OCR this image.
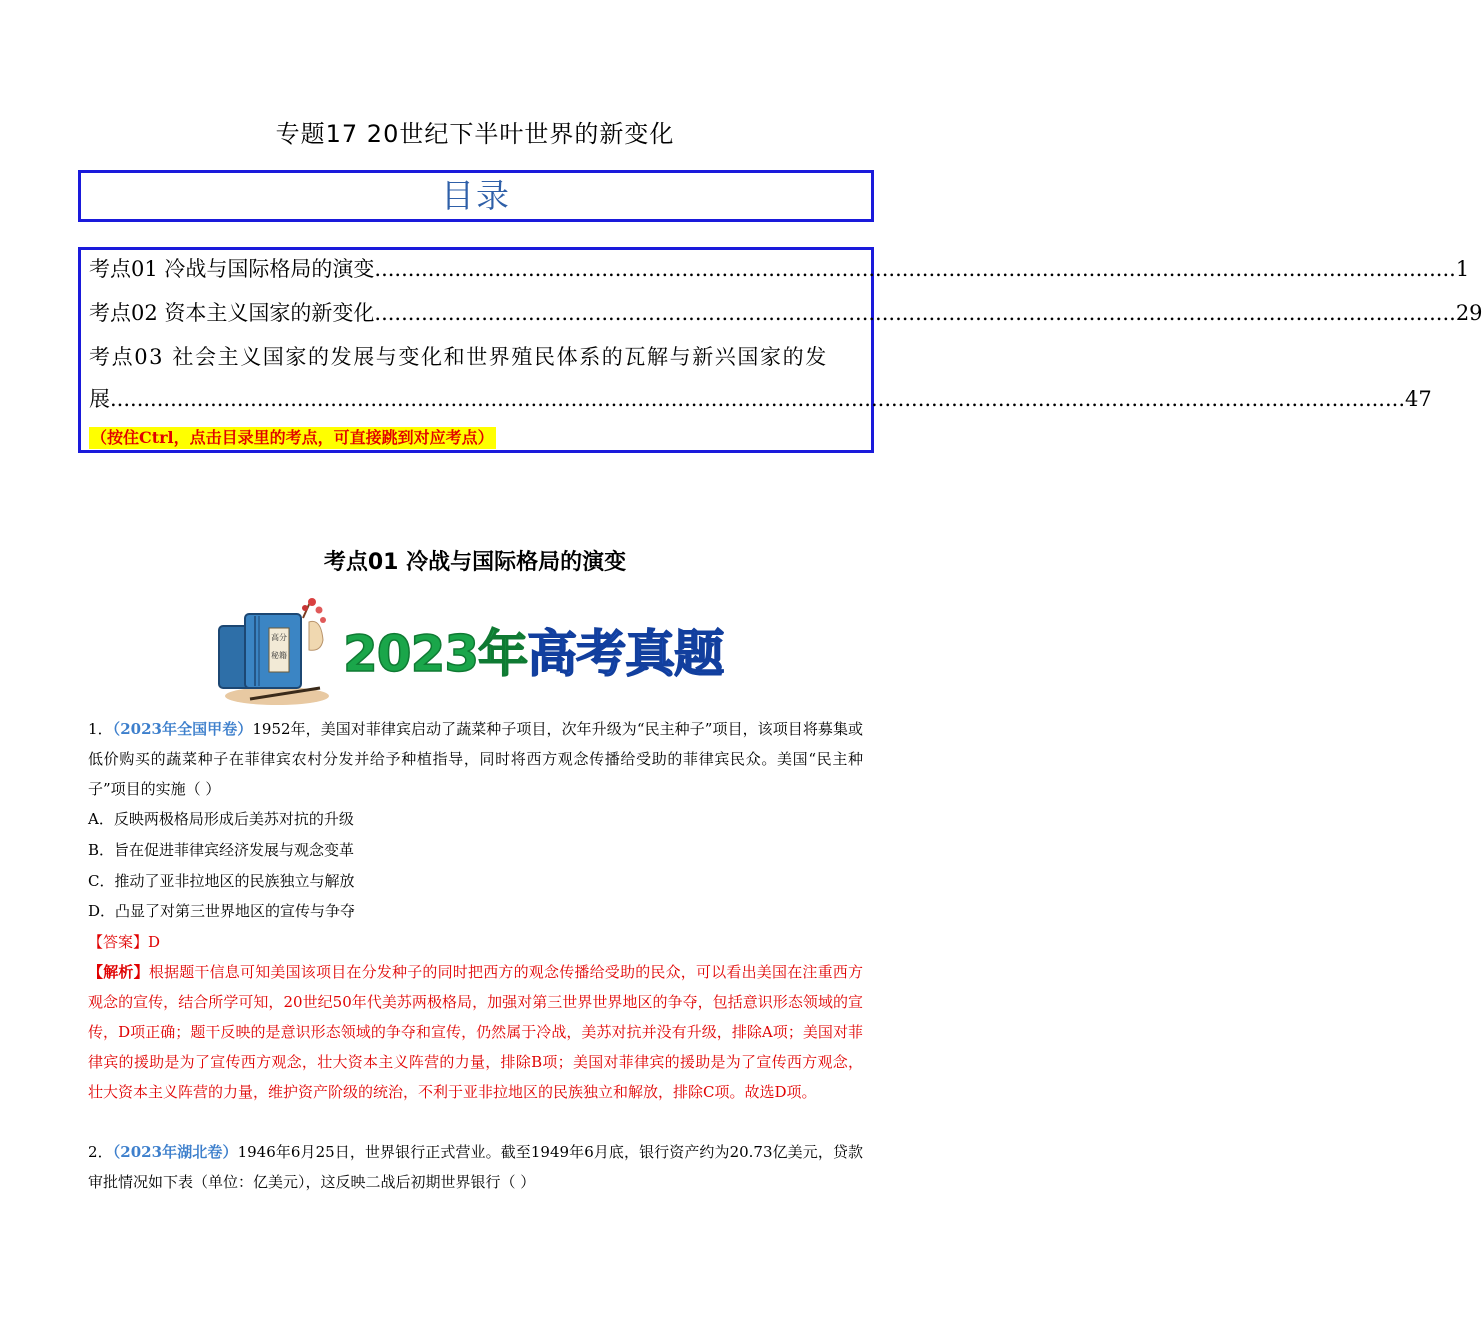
专题17 20世纪下半叶世界的新变化
目录
考点01 冷战与国际格局的演变 .................................................................................................................................................................. 1
考点02 资本主义国家的新变化 .................................................................................................................................................................. 29
考点03 社会主义国家的发展与变化和世界殖民体系的瓦解与新兴国家的发
展 .................................................................................................................................................................................................. 47
（按住Ctrl，点击目录里的考点，可直接跳到对应考点）
考点01 冷战与国际格局的演变
高分
秘籍 2023年高考真题
1．（2023年全国甲卷）1952年，美国对菲律宾启动了蔬菜种子项目，次年升级为“民主种子”项目，该项目将募集或低价购买的蔬菜种子在菲律宾农村分发并给予种植指导，同时将西方观念传播给受助的菲律宾民众。美国“民主种子”项目的实施（ ）
A．反映两极格局形成后美苏对抗的升级
B．旨在促进菲律宾经济发展与观念变革
C．推动了亚非拉地区的民族独立与解放
D．凸显了对第三世界地区的宣传与争夺
【答案】D
【解析】根据题干信息可知美国该项目在分发种子的同时把西方的观念传播给受助的民众，可以看出美国在注重西方观念的宣传，结合所学可知，20世纪50年代美苏两极格局，加强对第三世界世界地区的争夺，包括意识形态领域的宣传，D项正确；题干反映的是意识形态领域的争夺和宣传，仍然属于冷战，美苏对抗并没有升级，排除A项；美国对菲律宾的援助是为了宣传西方观念，壮大资本主义阵营的力量，排除B项；美国对菲律宾的援助是为了宣传西方观念，壮大资本主义阵营的力量，维护资产阶级的统治，不利于亚非拉地区的民族独立和解放，排除C项。故选D项。
2．（2023年湖北卷）1946年6月25日，世界银行正式营业。截至1949年6月底，银行资产约为20.73亿美元，贷款审批情况如下表（单位：亿美元），这反映二战后初期世界银行（ ）
